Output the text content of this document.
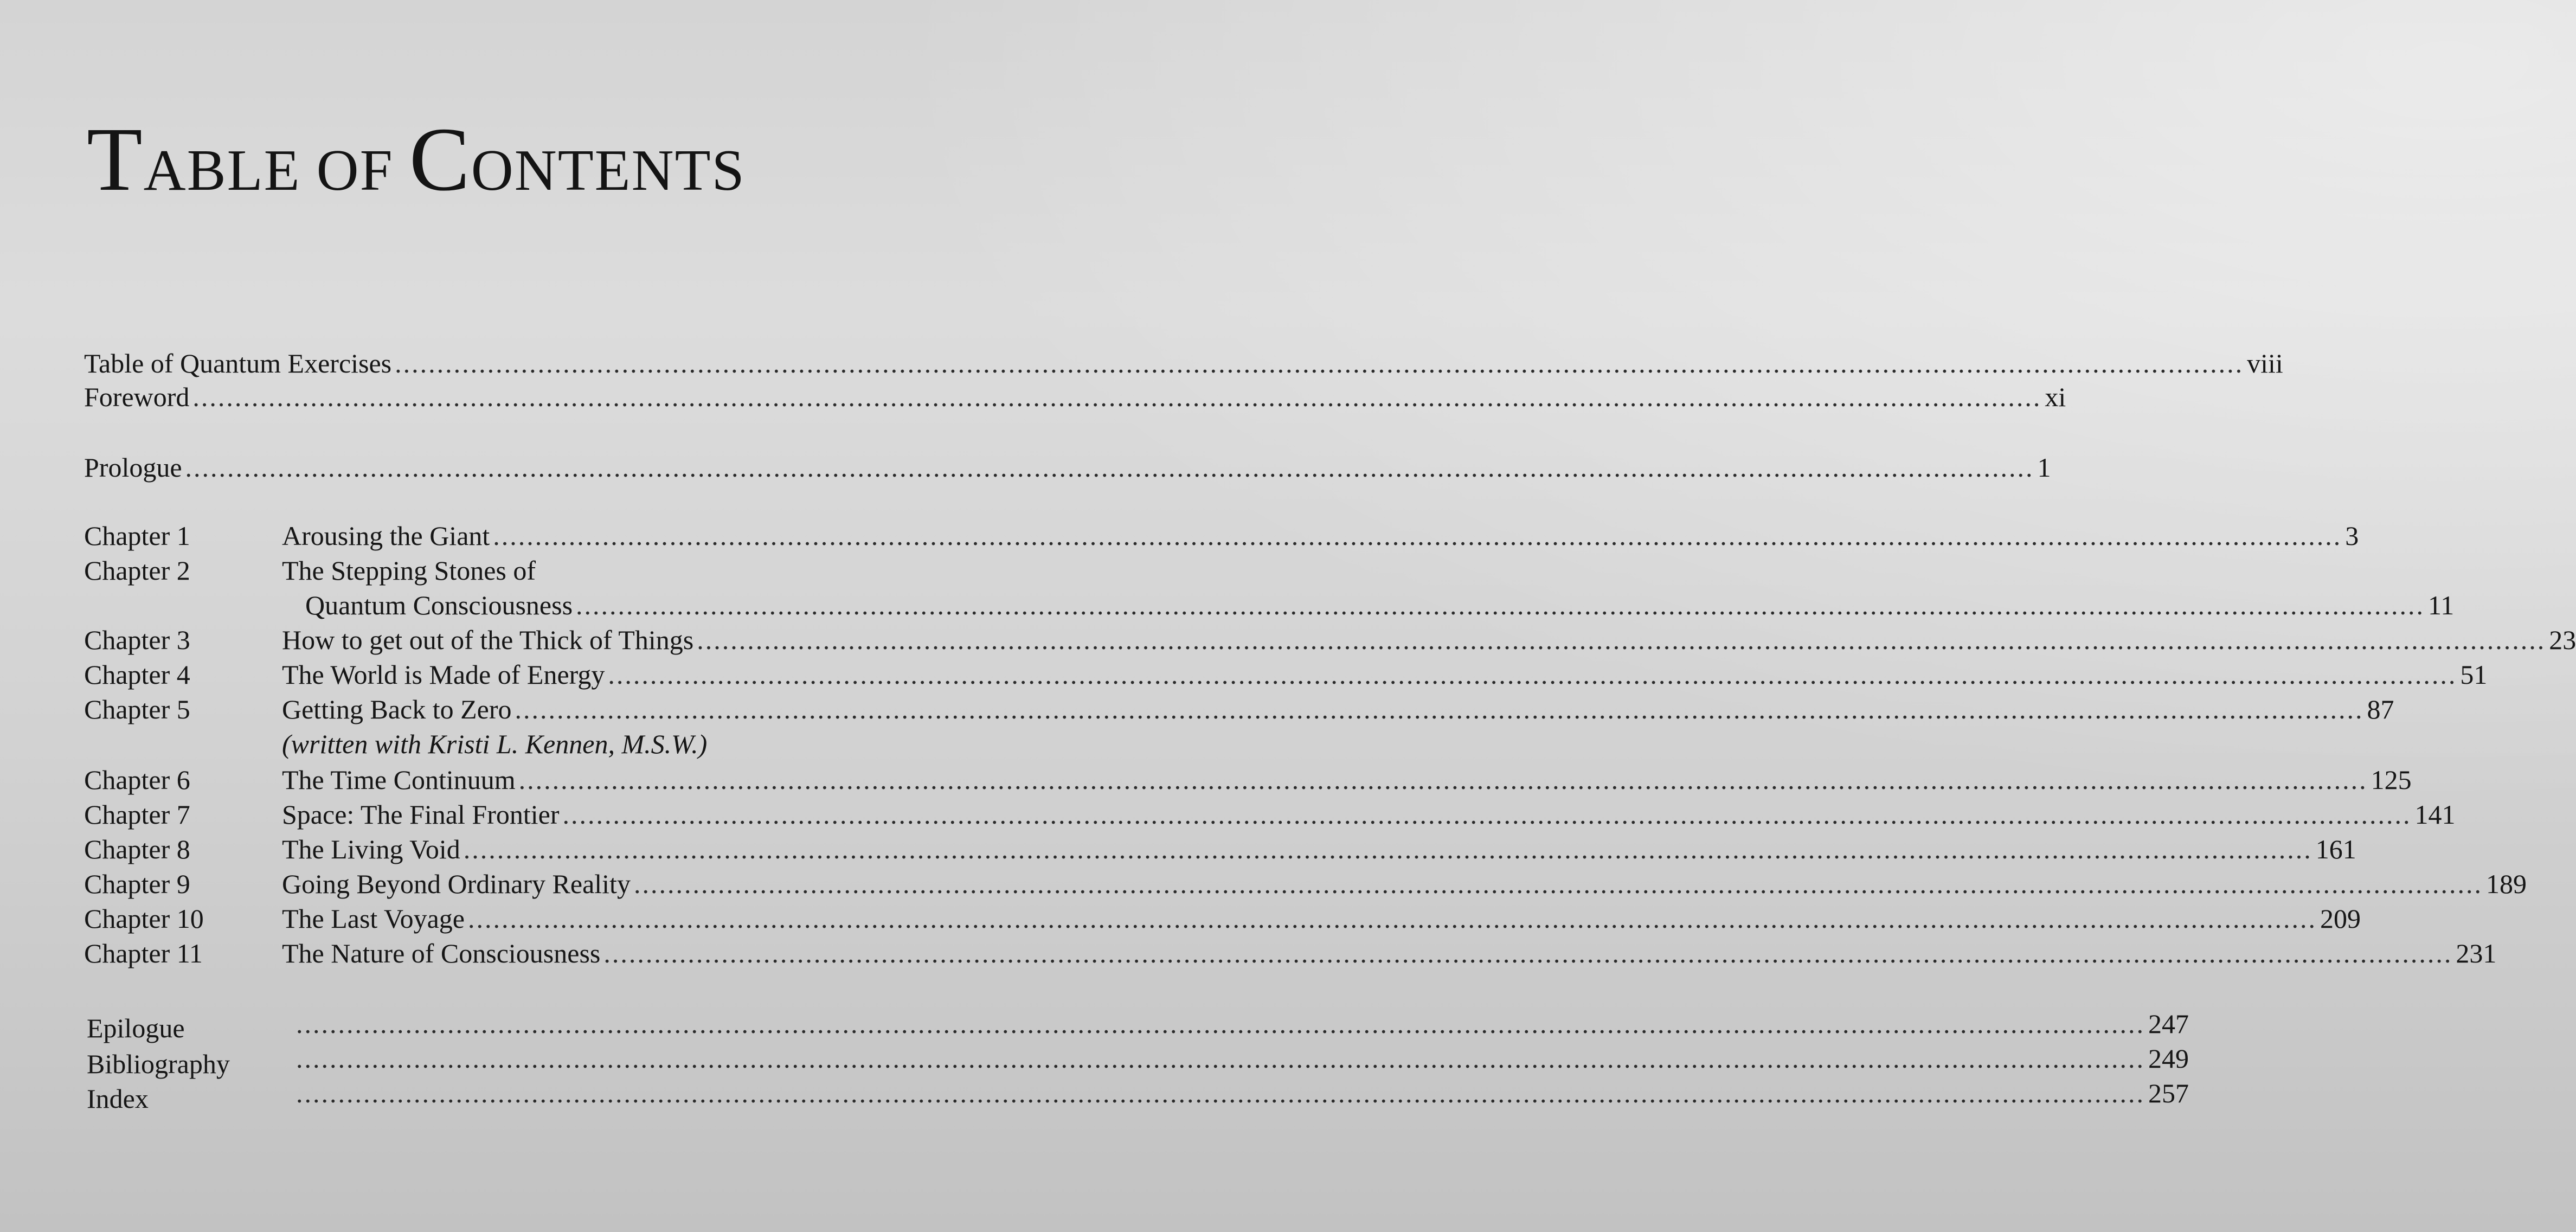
TABLE OF CONTENTS
Table of Quantum Exercises ............................................................................................................................................................................................................................ viii
Foreword ............................................................................................................................................................................................................................ xi
Prologue ............................................................................................................................................................................................................................ 1
Chapter 1	Arousing the Giant ............................................................................................................................................................................................................................ 3
Chapter 2	The Stepping Stones of
Quantum Consciousness ............................................................................................................................................................................................................................ 11
Chapter 3	How to get out of the Thick of Things ............................................................................................................................................................................................................................ 23
Chapter 4	The World is Made of Energy ............................................................................................................................................................................................................................ 51
Chapter 5	Getting Back to Zero ............................................................................................................................................................................................................................ 87
(written with Kristi L. Kennen, M.S.W.)
Chapter 6	The Time Continuum ............................................................................................................................................................................................................................ 125
Chapter 7	Space: The Final Frontier ............................................................................................................................................................................................................................ 141
Chapter 8	The Living Void ............................................................................................................................................................................................................................ 161
Chapter 9	Going Beyond Ordinary Reality ............................................................................................................................................................................................................................ 189
Chapter 10	The Last Voyage ............................................................................................................................................................................................................................ 209
Chapter 11	The Nature of Consciousness ............................................................................................................................................................................................................................ 231
Epilogue	............................................................................................................................................................................................................................ 247
Bibliography ............................................................................................................................................................................................................................ 249
Index	............................................................................................................................................................................................................................ 257
